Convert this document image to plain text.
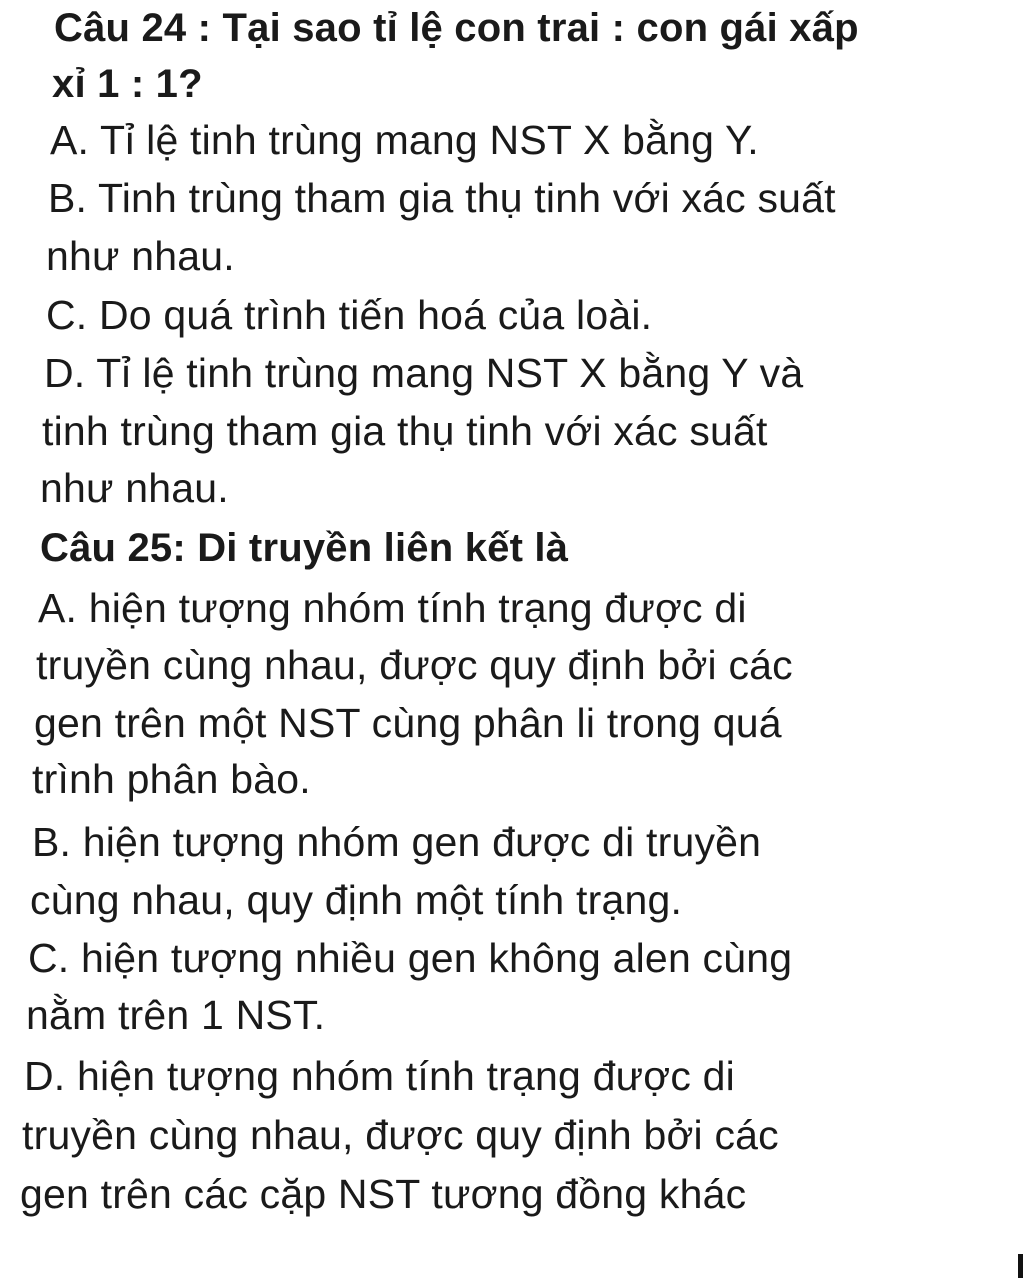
Câu 24 : Tại sao tỉ lệ con trai : con gái xấp
xỉ 1 : 1?
A. Tỉ lệ tinh trùng mang NST X bằng Y.
B. Tinh trùng tham gia thụ tinh với xác suất
như nhau.
C. Do quá trình tiến hoá của loài.
D. Tỉ lệ tinh trùng mang NST X bằng Y và
tinh trùng tham gia thụ tinh với xác suất
như nhau.
Câu 25: Di truyền liên kết là
A. hiện tượng nhóm tính trạng được di
truyền cùng nhau, được quy định bởi các
gen trên một NST cùng phân li trong quá
trình phân bào.
B. hiện tượng nhóm gen được di truyền
cùng nhau, quy định một tính trạng.
C. hiện tượng nhiều gen không alen cùng
nằm trên 1 NST.
D. hiện tượng nhóm tính trạng được di
truyền cùng nhau, được quy định bởi các
gen trên các cặp NST tương đồng khác
